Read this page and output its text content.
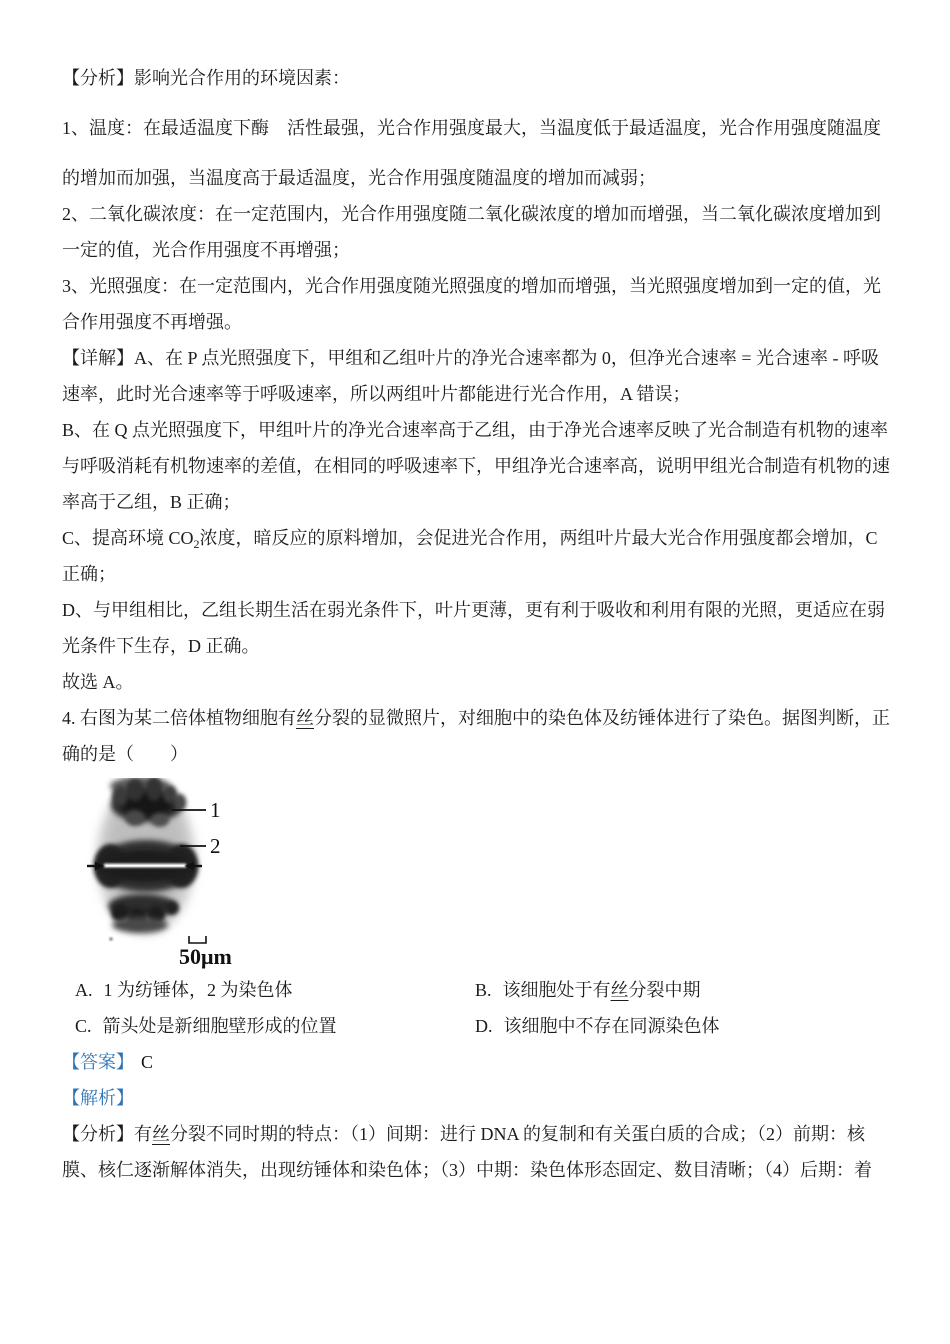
【分析】影响光合作用的环境因素：

1、温度：在最适温度下酶　活性最强，光合作用强度最大，当温度低于最适温度，光合作用强度随温度

的增加而加强，当温度高于最适温度，光合作用强度随温度的增加而减弱；

2、二氧化碳浓度：在一定范围内，光合作用强度随二氧化碳浓度的增加而增强，当二氧化碳浓度增加到

一定的值，光合作用强度不再增强；

3、光照强度：在一定范围内，光合作用强度随光照强度的增加而增强，当光照强度增加到一定的值，光

合作用强度不再增强。

【详解】A、在 P 点光照强度下，甲组和乙组叶片的净光合速率都为 0，但净光合速率 = 光合速率 - 呼吸

速率，此时光合速率等于呼吸速率，所以两组叶片都能进行光合作用，A 错误；

B、在 Q 点光照强度下，甲组叶片的净光合速率高于乙组，由于净光合速率反映了光合制造有机物的速率

与呼吸消耗有机物速率的差值，在相同的呼吸速率下，甲组净光合速率高，说明甲组光合制造有机物的速

率高于乙组，B 正确；

C、提高环境 $CO_2$浓度，暗反应的原料增加，会促进光合作用，两组叶片最大光合作用强度都会增加，C

正确；

D、与甲组相比，乙组长期生活在弱光条件下，叶片更薄，更有利于吸收和利用有限的光照，更适应在弱

光条件下生存，D 正确。

故选 A。

4. 右图为某二倍体植物细胞有丝分裂的显微照片，对细胞中的染色体及纺锤体进行了染色。据图判断，正

确的是（　　）

1
2
50μm
A. 1 为纺锤体，2 为染色体	B. 该细胞处于有丝分裂中期
C. 箭头处是新细胞壁形成的位置	D. 该细胞中不存在同源染色体

【答案】 C

【解析】

【分析】有丝分裂不同时期的特点：（1）间期：进行 DNA 的复制和有关蛋白质的合成；（2）前期：核

膜、核仁逐渐解体消失，出现纺锤体和染色体；（3）中期：染色体形态固定、数目清晰；（4）后期：着
